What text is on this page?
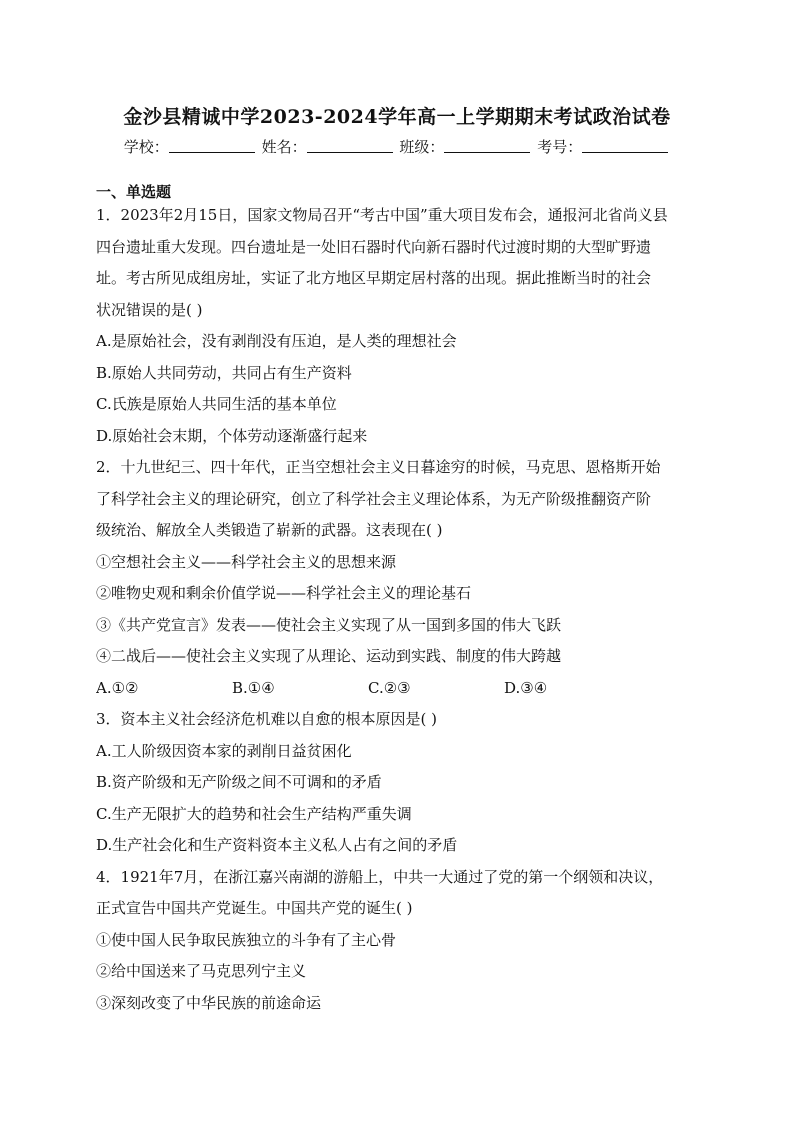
金沙县精诚中学2023-2024学年高一上学期期末考试政治试卷
学校：	姓名：	班级：	考号：
一、单选题
1．2023年2月15日，国家文物局召开“考古中国”重大项目发布会，通报河北省尚义县
四台遗址重大发现。四台遗址是一处旧石器时代向新石器时代过渡时期的大型旷野遗
址。考古所见成组房址，实证了北方地区早期定居村落的出现。据此推断当时的社会
状况错误的是( )
A.是原始社会，没有剥削没有压迫，是人类的理想社会
B.原始人共同劳动，共同占有生产资料
C.氏族是原始人共同生活的基本单位
D.原始社会末期，个体劳动逐渐盛行起来
2．十九世纪三、四十年代，正当空想社会主义日暮途穷的时候，马克思、恩格斯开始
了科学社会主义的理论研究，创立了科学社会主义理论体系，为无产阶级推翻资产阶
级统治、解放全人类锻造了崭新的武器。这表现在( )
①空想社会主义——科学社会主义的思想来源
②唯物史观和剩余价值学说——科学社会主义的理论基石
③《共产党宣言》发表——使社会主义实现了从一国到多国的伟大飞跃
④二战后——使社会主义实现了从理论、运动到实践、制度的伟大跨越
A.①②	B.①④	C.②③	D.③④
3．资本主义社会经济危机难以自愈的根本原因是( )
A.工人阶级因资本家的剥削日益贫困化
B.资产阶级和无产阶级之间不可调和的矛盾
C.生产无限扩大的趋势和社会生产结构严重失调
D.生产社会化和生产资料资本主义私人占有之间的矛盾
4．1921年7月，在浙江嘉兴南湖的游船上，中共一大通过了党的第一个纲领和决议，
正式宣告中国共产党诞生。中国共产党的诞生( )
①使中国人民争取民族独立的斗争有了主心骨
②给中国送来了马克思列宁主义
③深刻改变了中华民族的前途命运
